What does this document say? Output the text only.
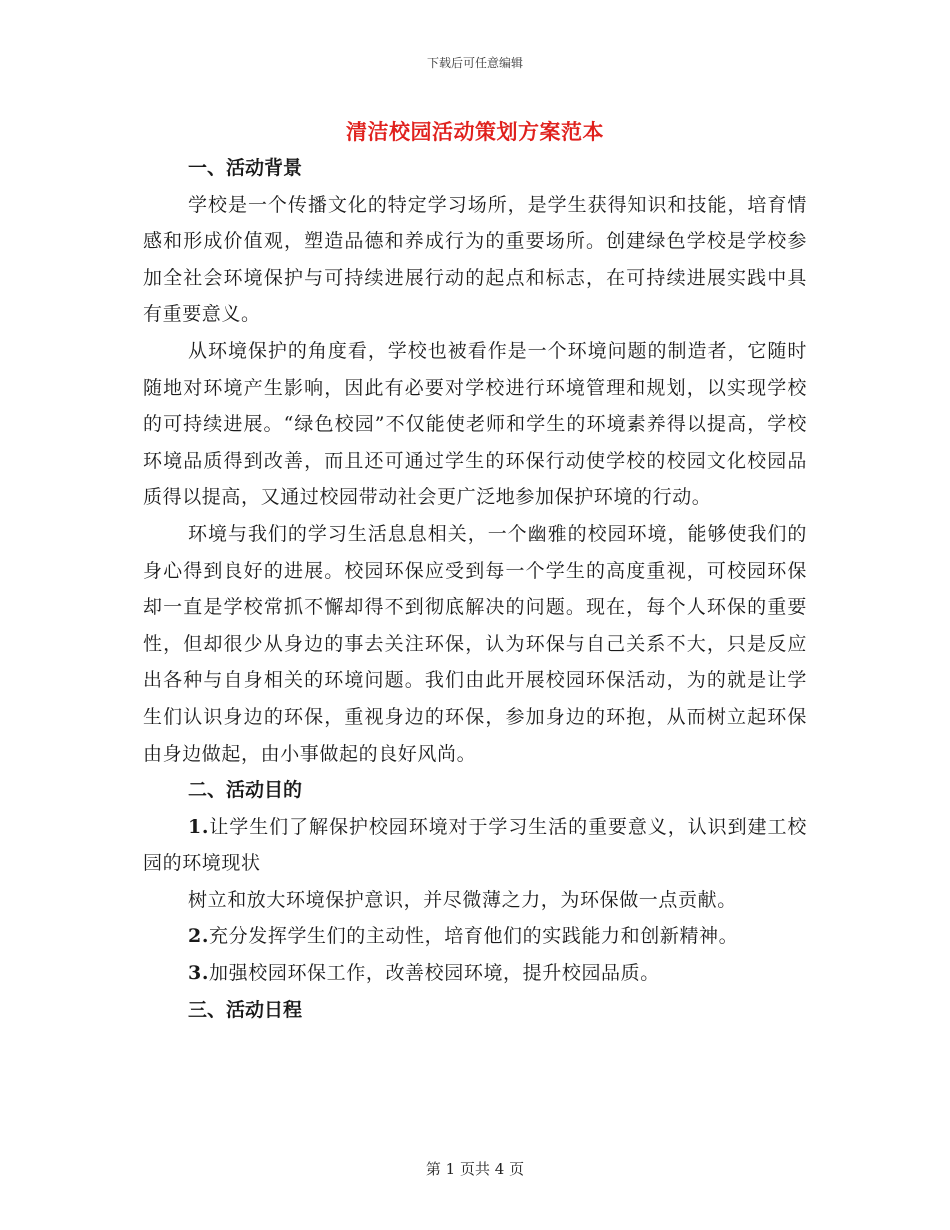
下载后可任意编辑
清洁校园活动策划方案范本
一、活动背景
学校是一个传播文化的特定学习场所，是学生获得知识和技能，培育情感和形成价值观，塑造品德和养成行为的重要场所。创建绿色学校是学校参加全社会环境保护与可持续进展行动的起点和标志，在可持续进展实践中具有重要意义。
从环境保护的角度看，学校也被看作是一个环境问题的制造者，它随时随地对环境产生影响，因此有必要对学校进行环境管理和规划，以实现学校的可持续进展。“绿色校园”不仅能使老师和学生的环境素养得以提高，学校环境品质得到改善，而且还可通过学生的环保行动使学校的校园文化校园品质得以提高，又通过校园带动社会更广泛地参加保护环境的行动。
环境与我们的学习生活息息相关，一个幽雅的校园环境，能够使我们的身心得到良好的进展。校园环保应受到每一个学生的高度重视，可校园环保却一直是学校常抓不懈却得不到彻底解决的问题。现在，每个人环保的重要性，但却很少从身边的事去关注环保，认为环保与自己关系不大，只是反应出各种与自身相关的环境问题。我们由此开展校园环保活动，为的就是让学生们认识身边的环保，重视身边的环保，参加身边的环抱，从而树立起环保由身边做起，由小事做起的良好风尚。
二、活动目的
1.让学生们了解保护校园环境对于学习生活的重要意义，认识到建工校园的环境现状
树立和放大环境保护意识，并尽微薄之力，为环保做一点贡献。
2.充分发挥学生们的主动性，培育他们的实践能力和创新精神。
3.加强校园环保工作，改善校园环境，提升校园品质。
三、活动日程
第 1 页共 4 页
